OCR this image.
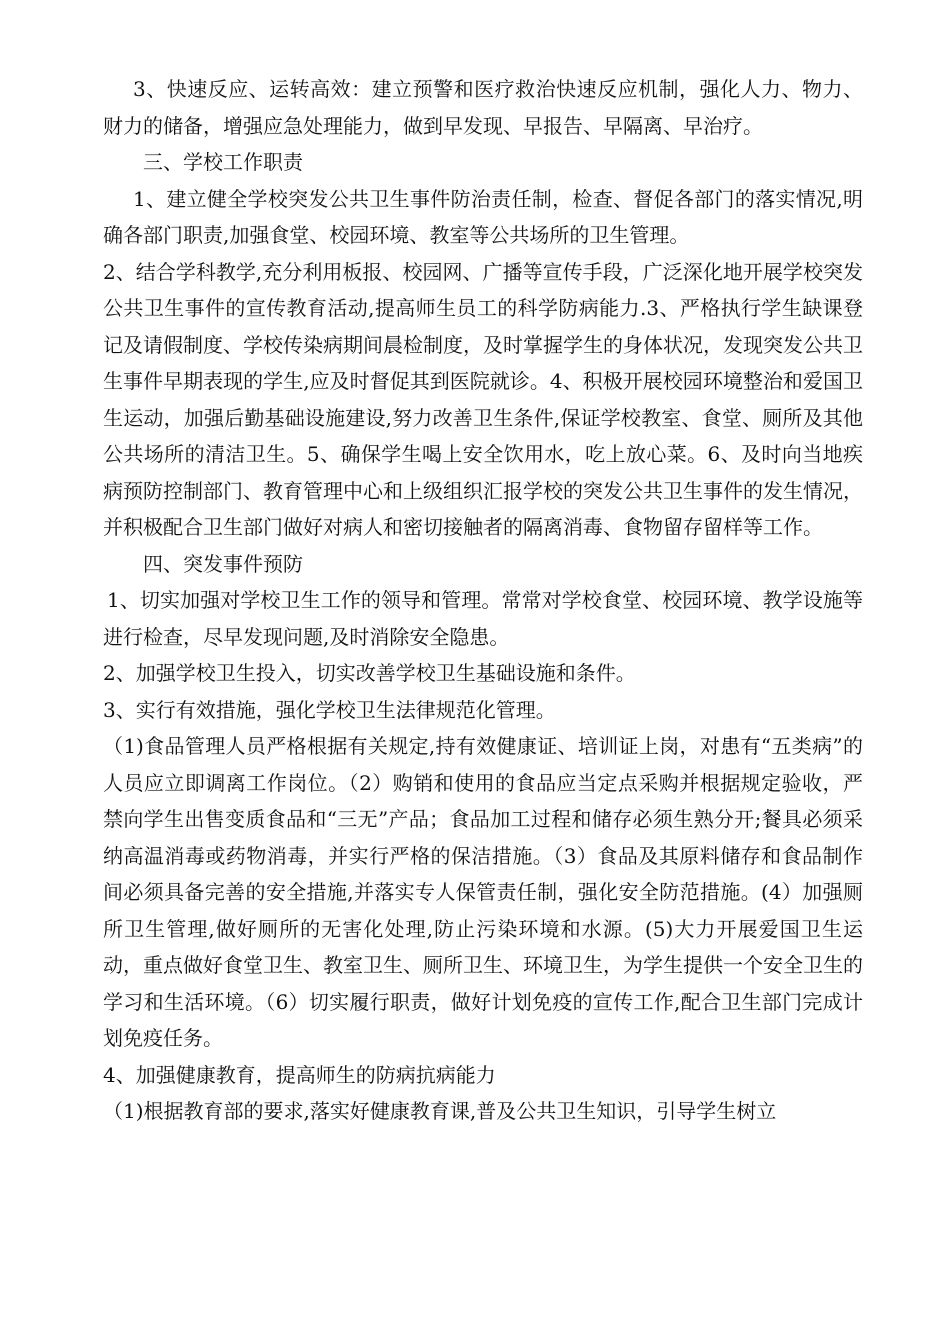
3、快速反应、运转高效：建立预警和医疗救治快速反应机制，强化人力、物力、财力的储备，增强应急处理能力，做到早发现、早报告、早隔离、早治疗。

三、学校工作职责

1、建立健全学校突发公共卫生事件防治责任制，检查、督促各部门的落实情况,明确各部门职责,加强食堂、校园环境、教室等公共场所的卫生管理。

2、结合学科教学,充分利用板报、校园网、广播等宣传手段，广泛深化地开展学校突发公共卫生事件的宣传教育活动,提高师生员工的科学防病能力.3、严格执行学生缺课登记及请假制度、学校传染病期间晨检制度，及时掌握学生的身体状况，发现突发公共卫生事件早期表现的学生,应及时督促其到医院就诊。4、积极开展校园环境整治和爱国卫生运动，加强后勤基础设施建设,努力改善卫生条件,保证学校教室、食堂、厕所及其他公共场所的清洁卫生。5、确保学生喝上安全饮用水，吃上放心菜。6、及时向当地疾病预防控制部门、教育管理中心和上级组织汇报学校的突发公共卫生事件的发生情况，并积极配合卫生部门做好对病人和密切接触者的隔离消毒、食物留存留样等工作。

四、突发事件预防

1、切实加强对学校卫生工作的领导和管理。常常对学校食堂、校园环境、教学设施等进行检查，尽早发现问题,及时消除安全隐患。

2、加强学校卫生投入，切实改善学校卫生基础设施和条件。

3、实行有效措施，强化学校卫生法律规范化管理。

（1)食品管理人员严格根据有关规定,持有效健康证、培训证上岗，对患有“五类病”的人员应立即调离工作岗位。（2）购销和使用的食品应当定点采购并根据规定验收，严禁向学生出售变质食品和“三无”产品；食品加工过程和储存必须生熟分开;餐具必须采纳高温消毒或药物消毒，并实行严格的保洁措施。（3）食品及其原料储存和食品制作间必须具备完善的安全措施,并落实专人保管责任制，强化安全防范措施。(4）加强厕所卫生管理,做好厕所的无害化处理,防止污染环境和水源。(5)大力开展爱国卫生运动，重点做好食堂卫生、教室卫生、厕所卫生、环境卫生，为学生提供一个安全卫生的学习和生活环境。（6）切实履行职责，做好计划免疫的宣传工作,配合卫生部门完成计划免疫任务。

4、加强健康教育，提高师生的防病抗病能力

（1)根据教育部的要求,落实好健康教育课,普及公共卫生知识，引导学生树立
